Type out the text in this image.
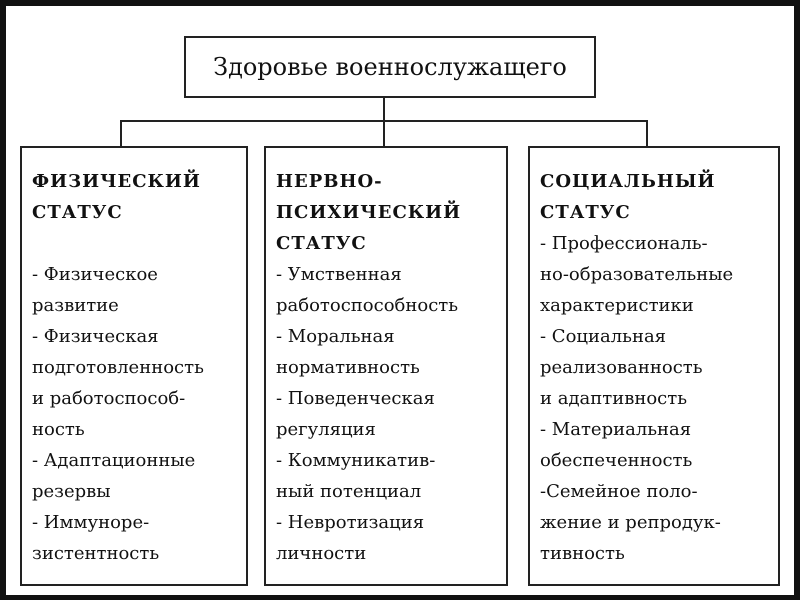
Здоровье военнослужащего
ФИЗИЧЕСКИЙ
СТАТУС
- Физическое
развитие
- Физическая
подготовленность
и работоспособ-
ность
- Адаптационные
резервы
- Иммуноре-
зистентность
НЕРВНО-
ПСИХИЧЕСКИЙ
СТАТУС
- Умственная
работоспособность
- Моральная
нормативность
- Поведенческая
регуляция
- Коммуникатив-
ный потенциал
- Невротизация
личности
СОЦИАЛЬНЫЙ
СТАТУС
- Профессиональ-
но-образовательные
характеристики
- Социальная
реализованность
и адаптивность
- Материальная
обеспеченность
-Семейное поло-
жение и репродук-
тивность
